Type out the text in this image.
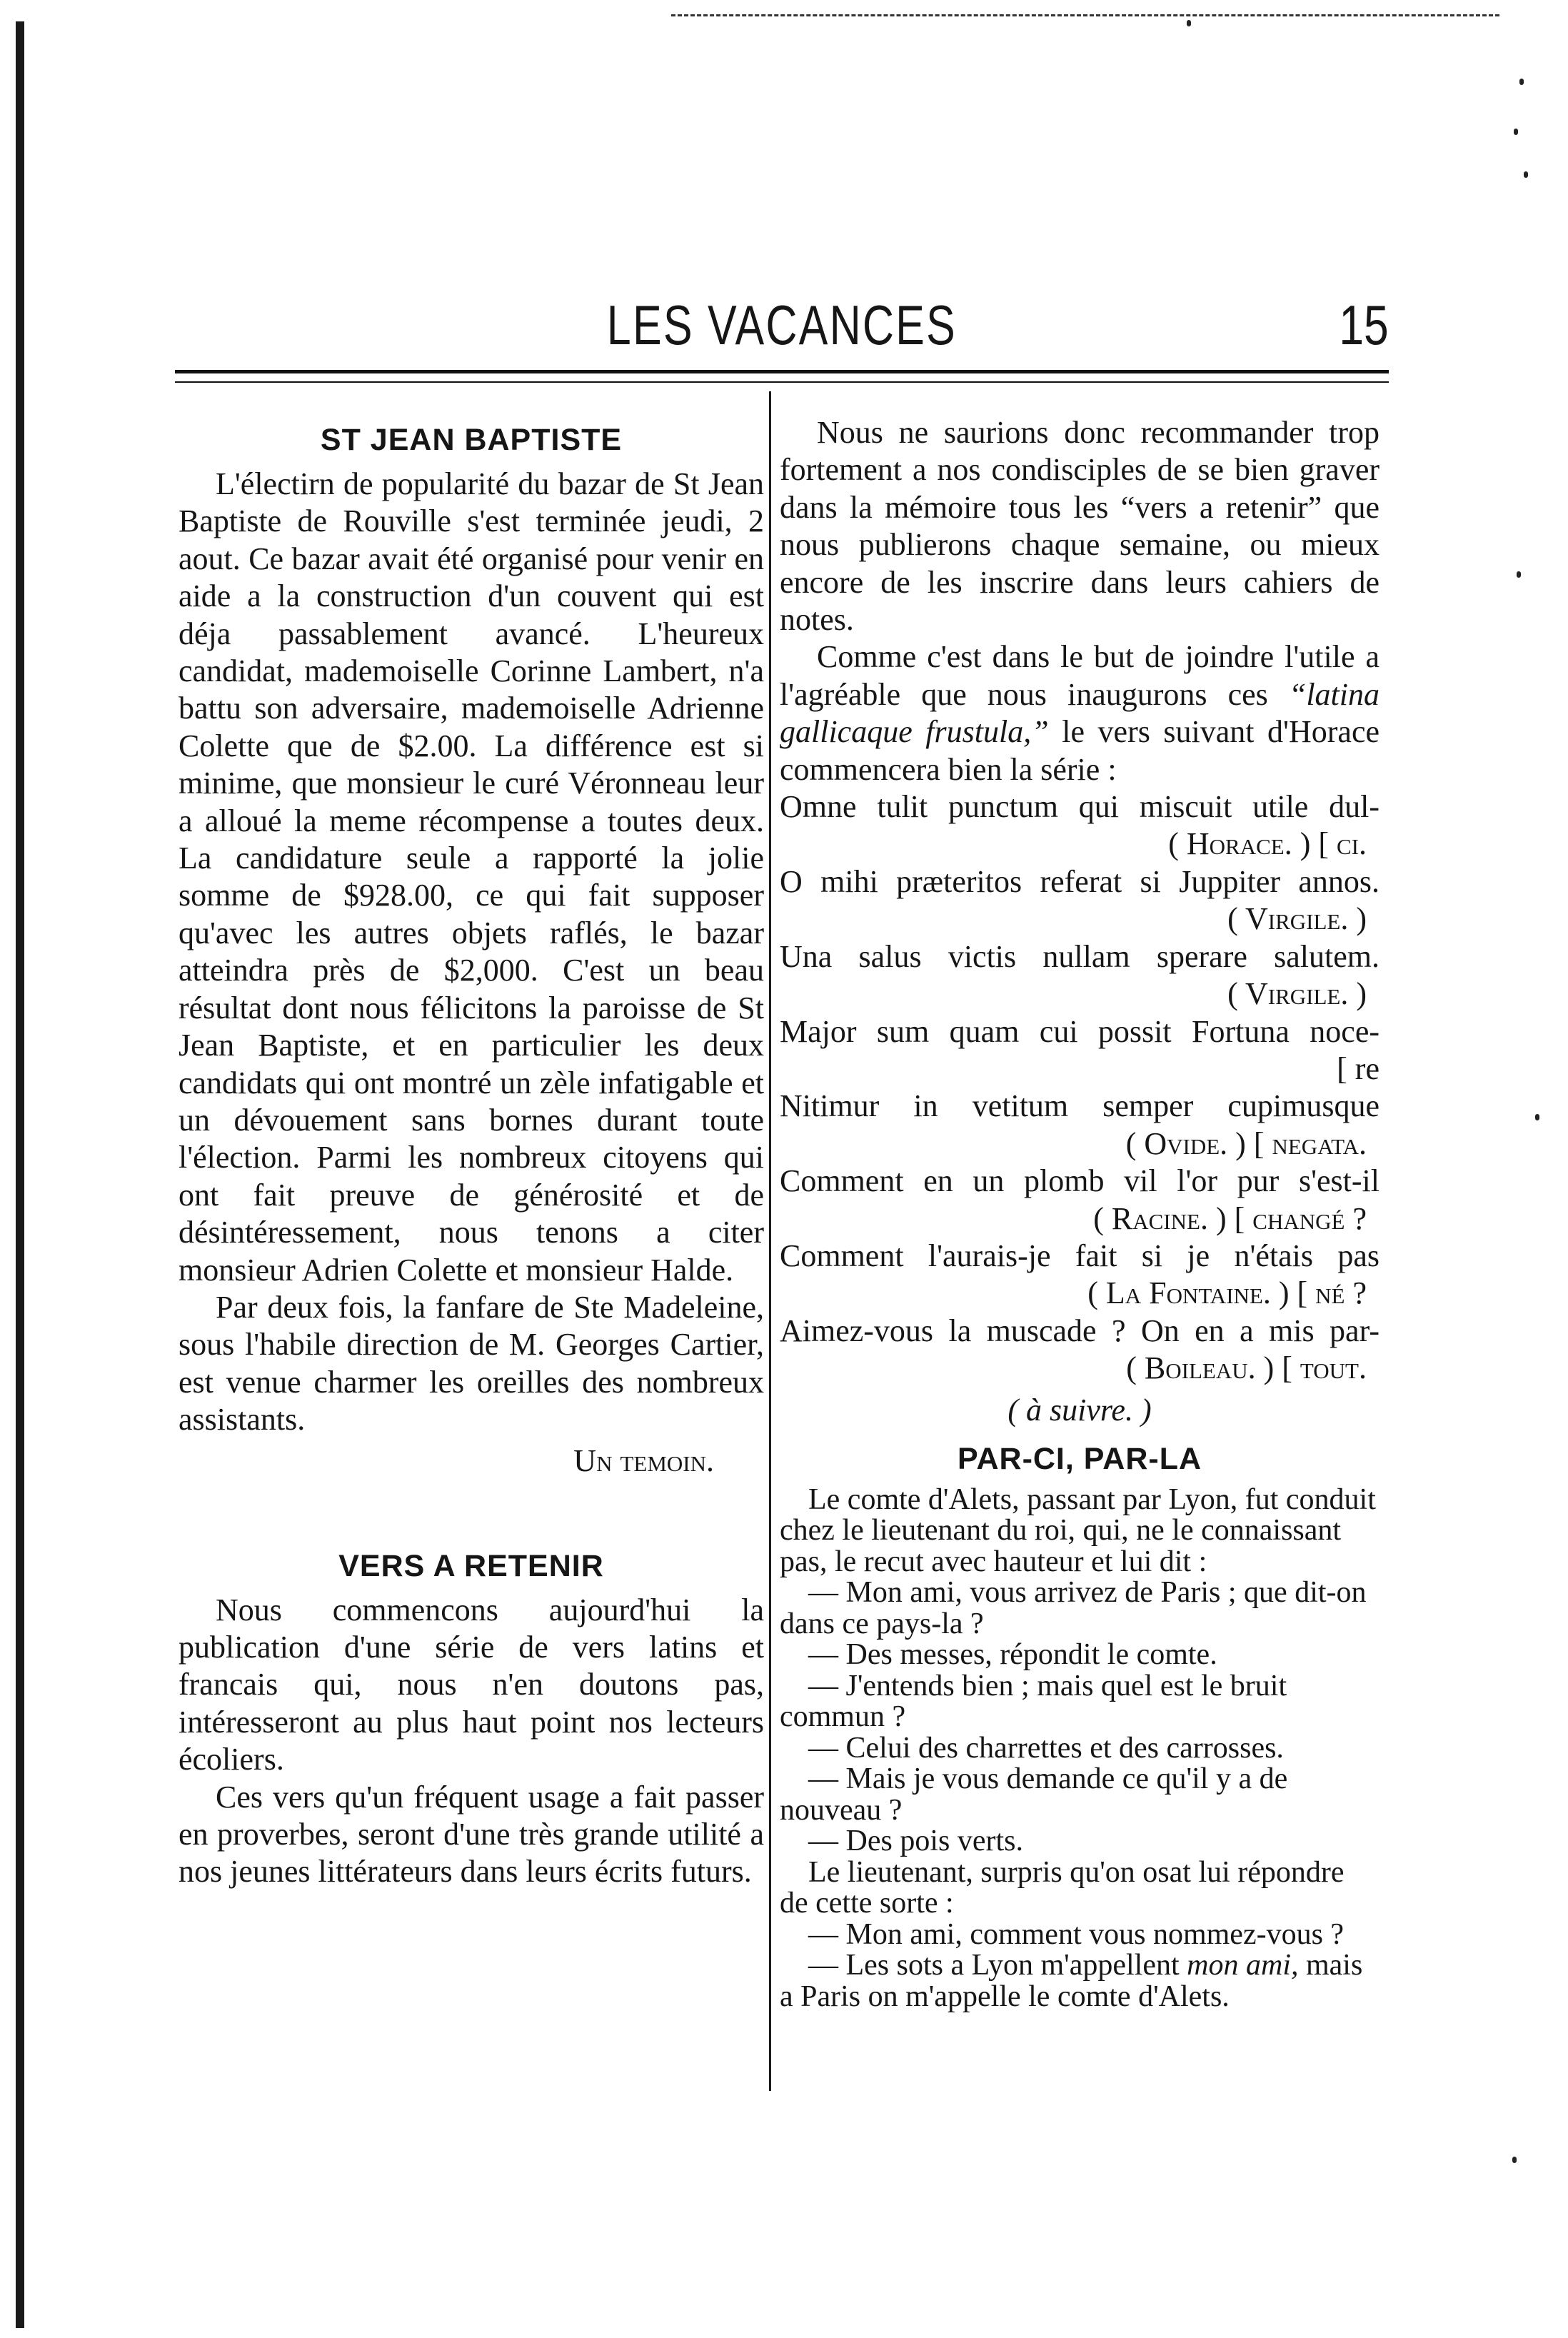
LES VACANCES	15
ST JEAN BAPTISTE

L'électirn de popularité du bazar de St Jean Baptiste de Rouville s'est terminée jeudi, 2 aout. Ce bazar avait été organisé pour venir en aide a la construction d'un couvent qui est déja passablement avancé. L'heureux candidat, mademoiselle Corinne Lambert, n'a battu son adversaire, mademoiselle Adrienne Colette que de $2.00. La différence est si minime, que monsieur le curé Véronneau leur a alloué la meme récompense a toutes deux. La candidature seule a rapporté la jolie somme de $928.00, ce qui fait supposer qu'avec les autres objets raflés, le bazar atteindra près de $2,000. C'est un beau résultat dont nous félicitons la paroisse de St Jean Baptiste, et en particulier les deux candidats qui ont montré un zèle infatigable et un dévouement sans bornes durant toute l'élection. Parmi les nombreux citoyens qui ont fait preuve de générosité et de désintéressement, nous tenons a citer monsieur Adrien Colette et monsieur Halde.

Par deux fois, la fanfare de Ste Madeleine, sous l'habile direction de M. Georges Cartier, est venue charmer les oreilles des nombreux assistants.

Un temoin.
VERS A RETENIR

Nous commencons aujourd'hui la publication d'une série de vers latins et francais qui, nous n'en doutons pas, intéresseront au plus haut point nos lecteurs écoliers.

Ces vers qu'un fréquent usage a fait passer en proverbes, seront d'une très grande utilité a nos jeunes littérateurs dans leurs écrits futurs.

Nous ne saurions donc recommander trop fortement a nos condisciples de se bien graver dans la mémoire tous les “vers a retenir” que nous publierons chaque semaine, ou mieux encore de les inscrire dans leurs cahiers de notes.

Comme c'est dans le but de joindre l'utile a l'agréable que nous inaugurons ces “latina gallicaque frustula,” le vers suivant d'Horace commencera bien la série :

Omne tulit punctum qui miscuit utile dul-
( Horace. ) [ ci.
O mihi præteritos referat si Juppiter annos.
( Virgile. )
Una salus victis nullam sperare salutem.
( Virgile. )
Major sum quam cui possit Fortuna noce-
[ re
Nitimur in vetitum semper cupimusque
( Ovide. ) [ negata.
Comment en un plomb vil l'or pur s'est-il
( Racine. ) [ changé ?
Comment l'aurais-je fait si je n'étais pas
( La Fontaine. ) [ né ?
Aimez-vous la muscade ? On en a mis par-
( Boileau. ) [ tout.

( à suivre. )

PAR-CI, PAR-LA

Le comte d'Alets, passant par Lyon, fut conduit chez le lieutenant du roi, qui, ne le connaissant pas, le recut avec hauteur et lui dit :

— Mon ami, vous arrivez de Paris ; que dit-on dans ce pays-la ?

— Des messes, répondit le comte.

— J'entends bien ; mais quel est le bruit commun ?

— Celui des charrettes et des carrosses.

— Mais je vous demande ce qu'il y a de nouveau ?

— Des pois verts.

Le lieutenant, surpris qu'on osat lui répondre de cette sorte :

— Mon ami, comment vous nommez-vous ?

— Les sots a Lyon m'appellent mon ami, mais a Paris on m'appelle le comte d'Alets.
